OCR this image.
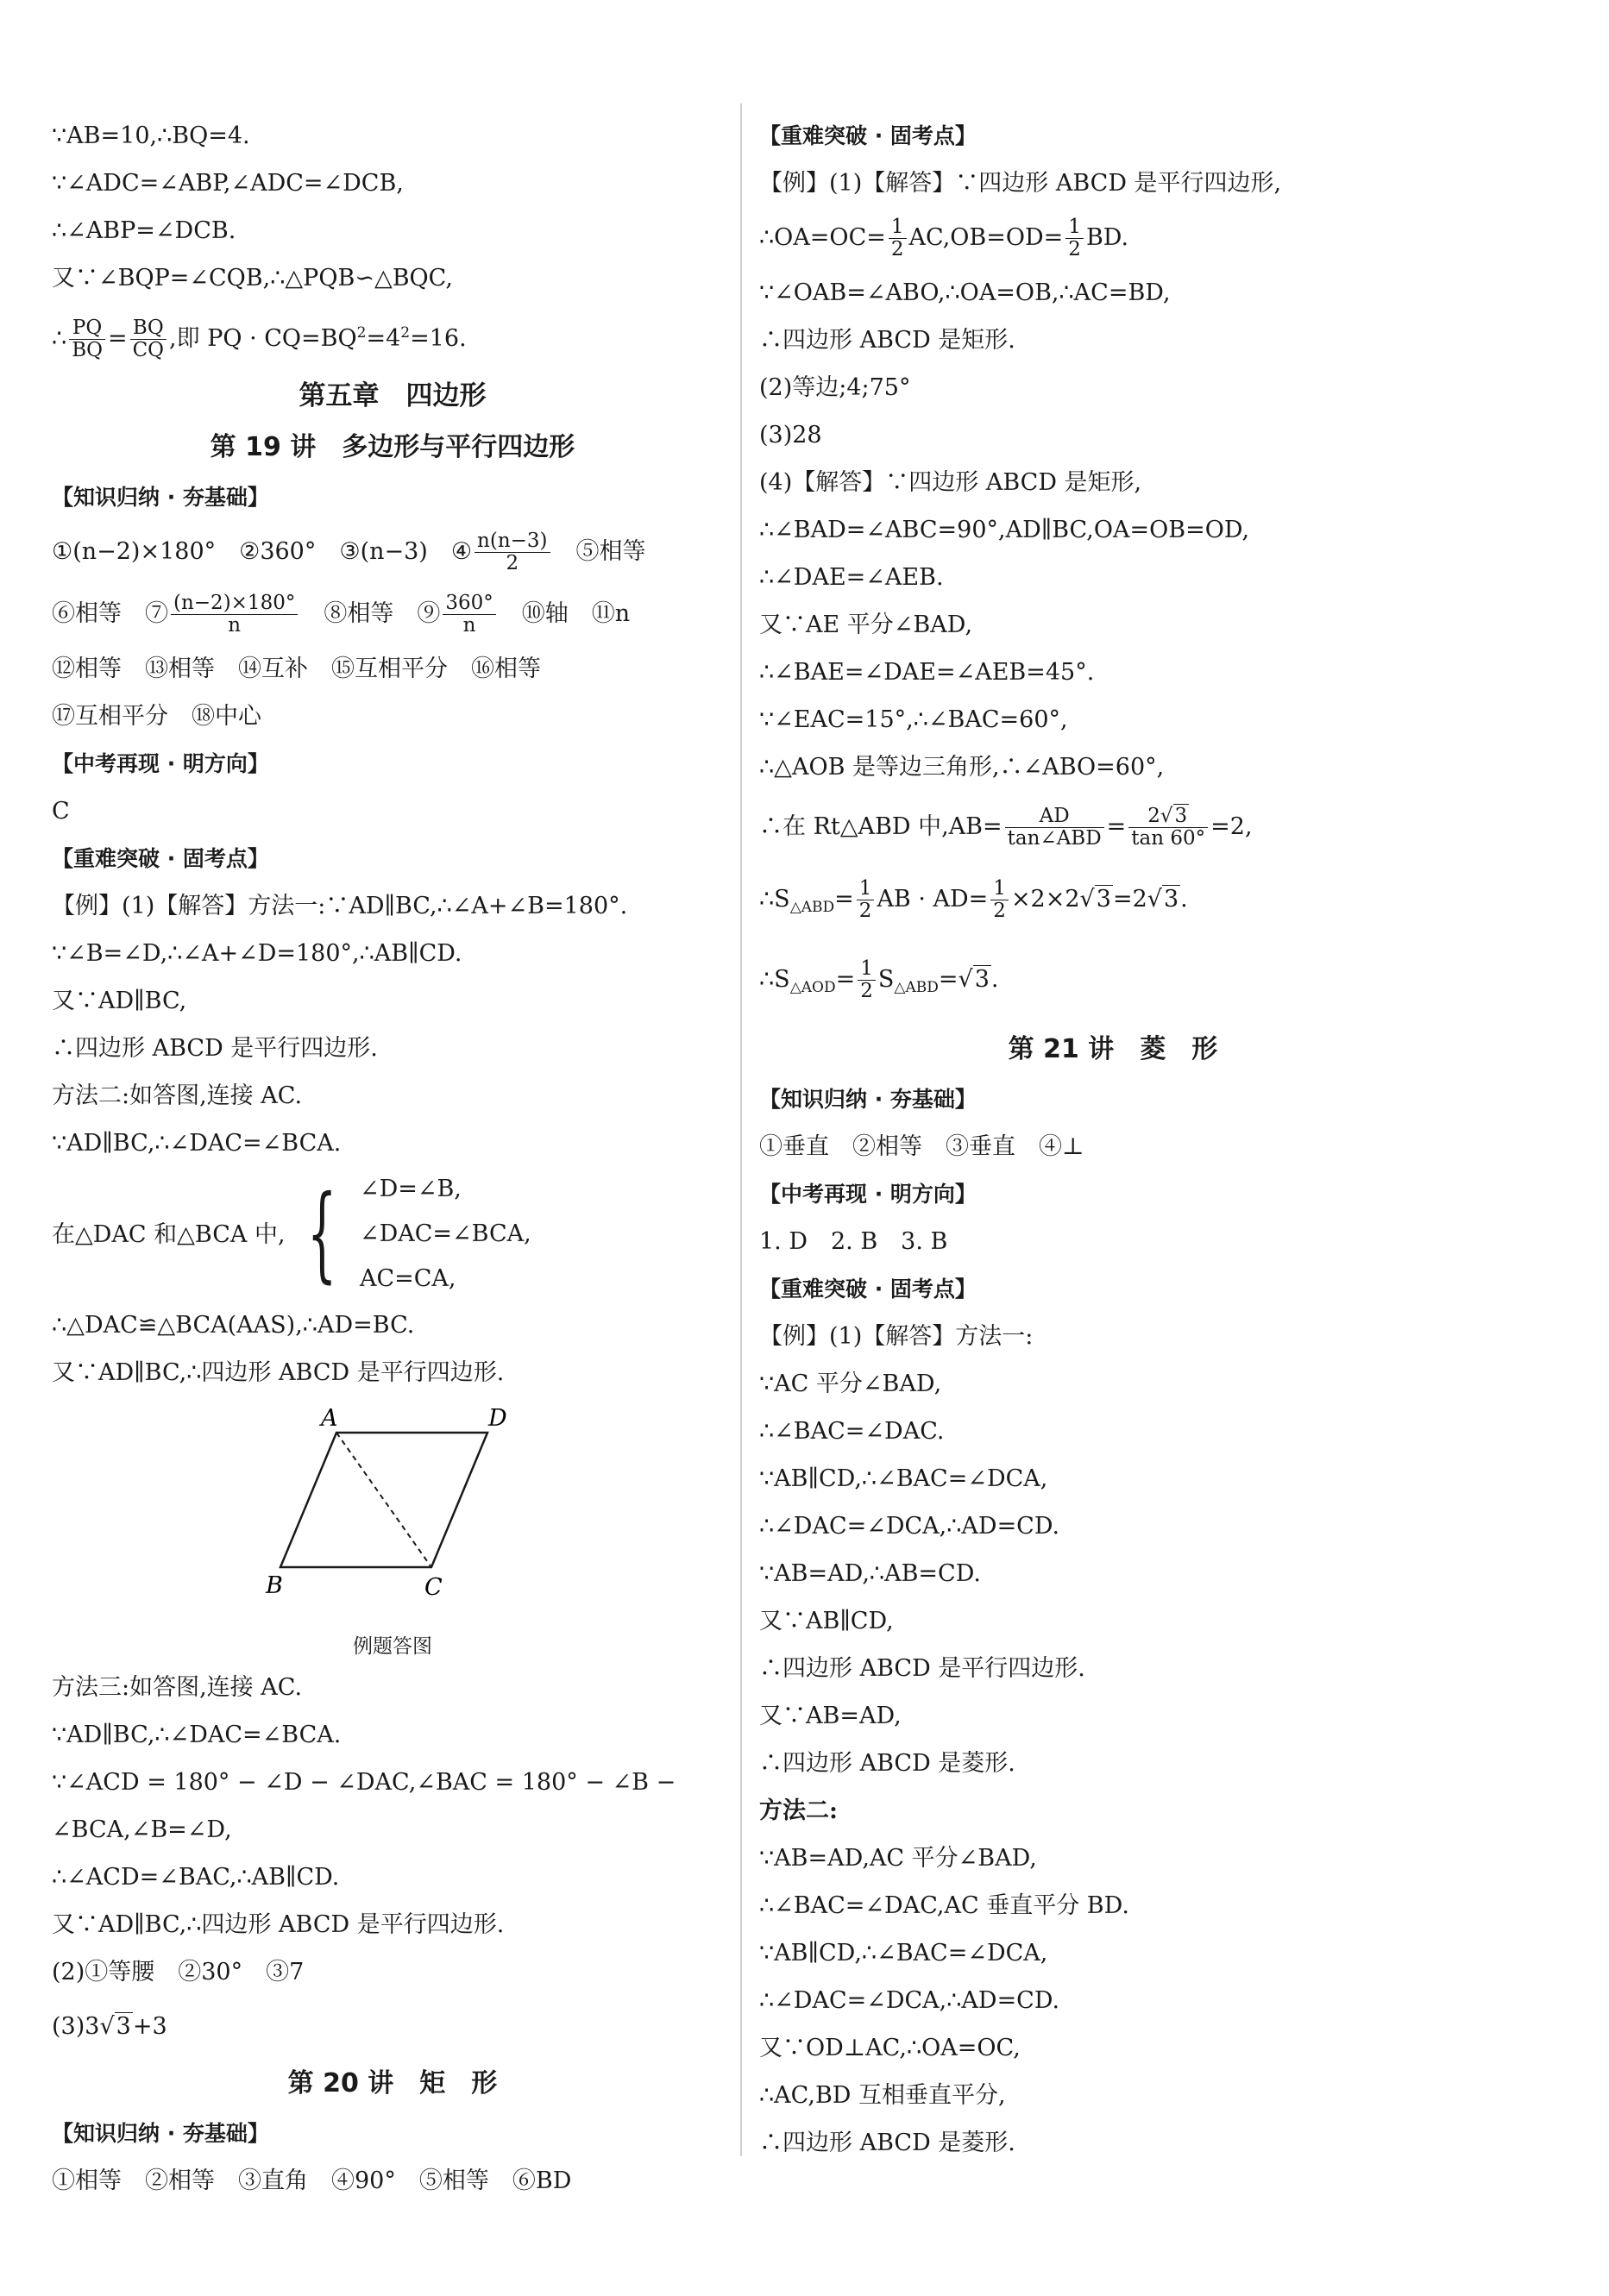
∵AB=10,∴BQ=4.
∵∠ADC=∠ABP,∠ADC=∠DCB,
∴∠ABP=∠DCB.
又∵∠BQP=∠CQB,∴△PQB∽△BQC,
∴ $\frac{PQ}{BQ} = \frac{BQ}{CQ}$ ,即 PQ · $CQ=BQ^2=4^2=16$.
第五章　四边形
第 19 讲　多边形与平行四边形
【知识归纳 · 夯基础】
①(n−2)×180°　②360°　③(n−3)　④ $\frac{n(n-3)}{2}$ 　⑤相等
⑥相等　⑦ $\frac{(n-2)\times 180^\circ}{n}$ 　⑧相等　⑨ $\frac{360^\circ}{n}$ 　⑩轴　⑪n
⑫相等　⑬相等　⑭互补　⑮互相平分　⑯相等
⑰互相平分　⑱中心
【中考再现 · 明方向】
C
【重难突破 · 固考点】
【例】(1)【解答】方法一:∵AD∥BC,∴∠A+∠B=180°.
∵∠B=∠D,∴∠A+∠D=180°,∴AB∥CD.
又∵AD∥BC,
∴四边形 ABCD 是平行四边形.
方法二:如答图,连接 AC.
∵AD∥BC,∴∠DAC=∠BCA.
在△DAC 和△BCA 中, { ∠D=∠B,
∠DAC=∠BCA,
AC=CA,
∴△DAC≌△BCA(AAS),∴AD=BC.
又∵AD∥BC,∴四边形 ABCD 是平行四边形.
A	D
B	C
例题答图
方法三:如答图,连接 AC.
∵AD∥BC,∴∠DAC=∠BCA.
∵∠ACD = 180° − ∠D − ∠DAC,∠BAC = 180° − ∠B −
∠BCA,∠B=∠D,
∴∠ACD=∠BAC,∴AB∥CD.
又∵AD∥BC,∴四边形 ABCD 是平行四边形.
(2)①等腰　②30°　③7
(3)3√3+3
第 20 讲　矩　形
【知识归纳 · 夯基础】
①相等　②相等　③直角　④90°　⑤相等　⑥BD
【重难突破 · 固考点】
【例】(1)【解答】∵四边形 ABCD 是平行四边形,
∴OA=OC= $\frac{1}{2} AC,OB=OD= \frac{1}{2}$ BD.
∵∠OAB=∠ABO,∴OA=OB,∴AC=BD,
∴四边形 ABCD 是矩形.
(2)等边;4;75°
(3)28
(4)【解答】∵四边形 ABCD 是矩形,
∴∠BAD=∠ABC=90°,AD∥BC,OA=OB=OD,
∴∠DAE=∠AEB.
又∵AE 平分∠BAD,
∴∠BAE=∠DAE=∠AEB=45°.
∵∠EAC=15°,∴∠BAC=60°,
∴△AOB 是等边三角形,∴∠ABO=60°,
∴在 Rt△ABD 中$,AB= \frac{AD}{\text{tan∠ABD}} = \frac{2√3}{\tan 60^\circ} =2$,
$\therefore S_{\triangle ABD}= \frac{1}{2}$ AB · $AD= \frac{1}{2} \times 2\times 2√3=2√3$.
$\therefore S_{\triangle AOD}= \frac{1}{2} S_{\triangle ABD}=√3$.
第 21 讲　菱　形
【知识归纳 · 夯基础】
①垂直　②相等　③垂直　④⊥
【中考再现 · 明方向】
1. D　2. B　3. B
【重难突破 · 固考点】
【例】(1)【解答】方法一:
∵AC 平分∠BAD,
∴∠BAC=∠DAC.
∵AB∥CD,∴∠BAC=∠DCA,
∴∠DAC=∠DCA,∴AD=CD.
∵AB=AD,∴AB=CD.
又∵AB∥CD,
∴四边形 ABCD 是平行四边形.
又∵AB=AD,
∴四边形 ABCD 是菱形.
方法二:
∵AB=AD,AC 平分∠BAD,
∴∠BAC=∠DAC,AC 垂直平分 BD.
∵AB∥CD,∴∠BAC=∠DCA,
∴∠DAC=∠DCA,∴AD=CD.
又∵OD⊥AC,∴OA=OC,
∴AC,BD 互相垂直平分,
∴四边形 ABCD 是菱形.
